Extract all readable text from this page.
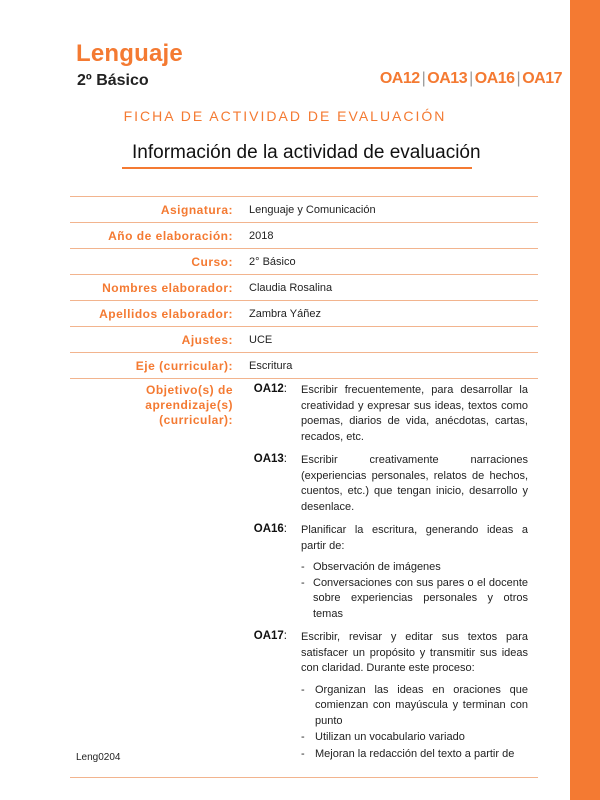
Lenguaje
2º Básico	OA12 | OA13 | OA16 | OA17
FICHA DE ACTIVIDAD DE EVALUACIÓN
Información de la actividad de evaluación
Asignatura:	Lenguaje y Comunicación
Año de elaboración:	2018
Curso:	2° Básico
Nombres elaborador:	Claudia Rosalina
Apellidos elaborador:	Zambra Yáñez
Ajustes:	UCE
Eje (curricular):	Escritura
Objetivo(s) de aprendizaje(s) (curricular):
OA12:	Escribir frecuentemente, para desarrollar la creatividad y expresar sus ideas, textos como poemas, diarios de vida, anécdotas, cartas, recados, etc.
OA13:	Escribir creativamente narraciones (experiencias personales, relatos de hechos, cuentos, etc.) que tengan inicio, desarrollo y desenlace.
OA16:	Planificar la escritura, generando ideas a partir de:
- Observación de imágenes
- Conversaciones con sus pares o el docente sobre experiencias personales y otros temas
OA17:	Escribir, revisar y editar sus textos para satisfacer un propósito y transmitir sus ideas con claridad. Durante este proceso:
- Organizan las ideas en oraciones que comienzan con mayúscula y terminan con punto
- Utilizan un vocabulario variado
- Mejoran la redacción del texto a partir de
Leng0204
